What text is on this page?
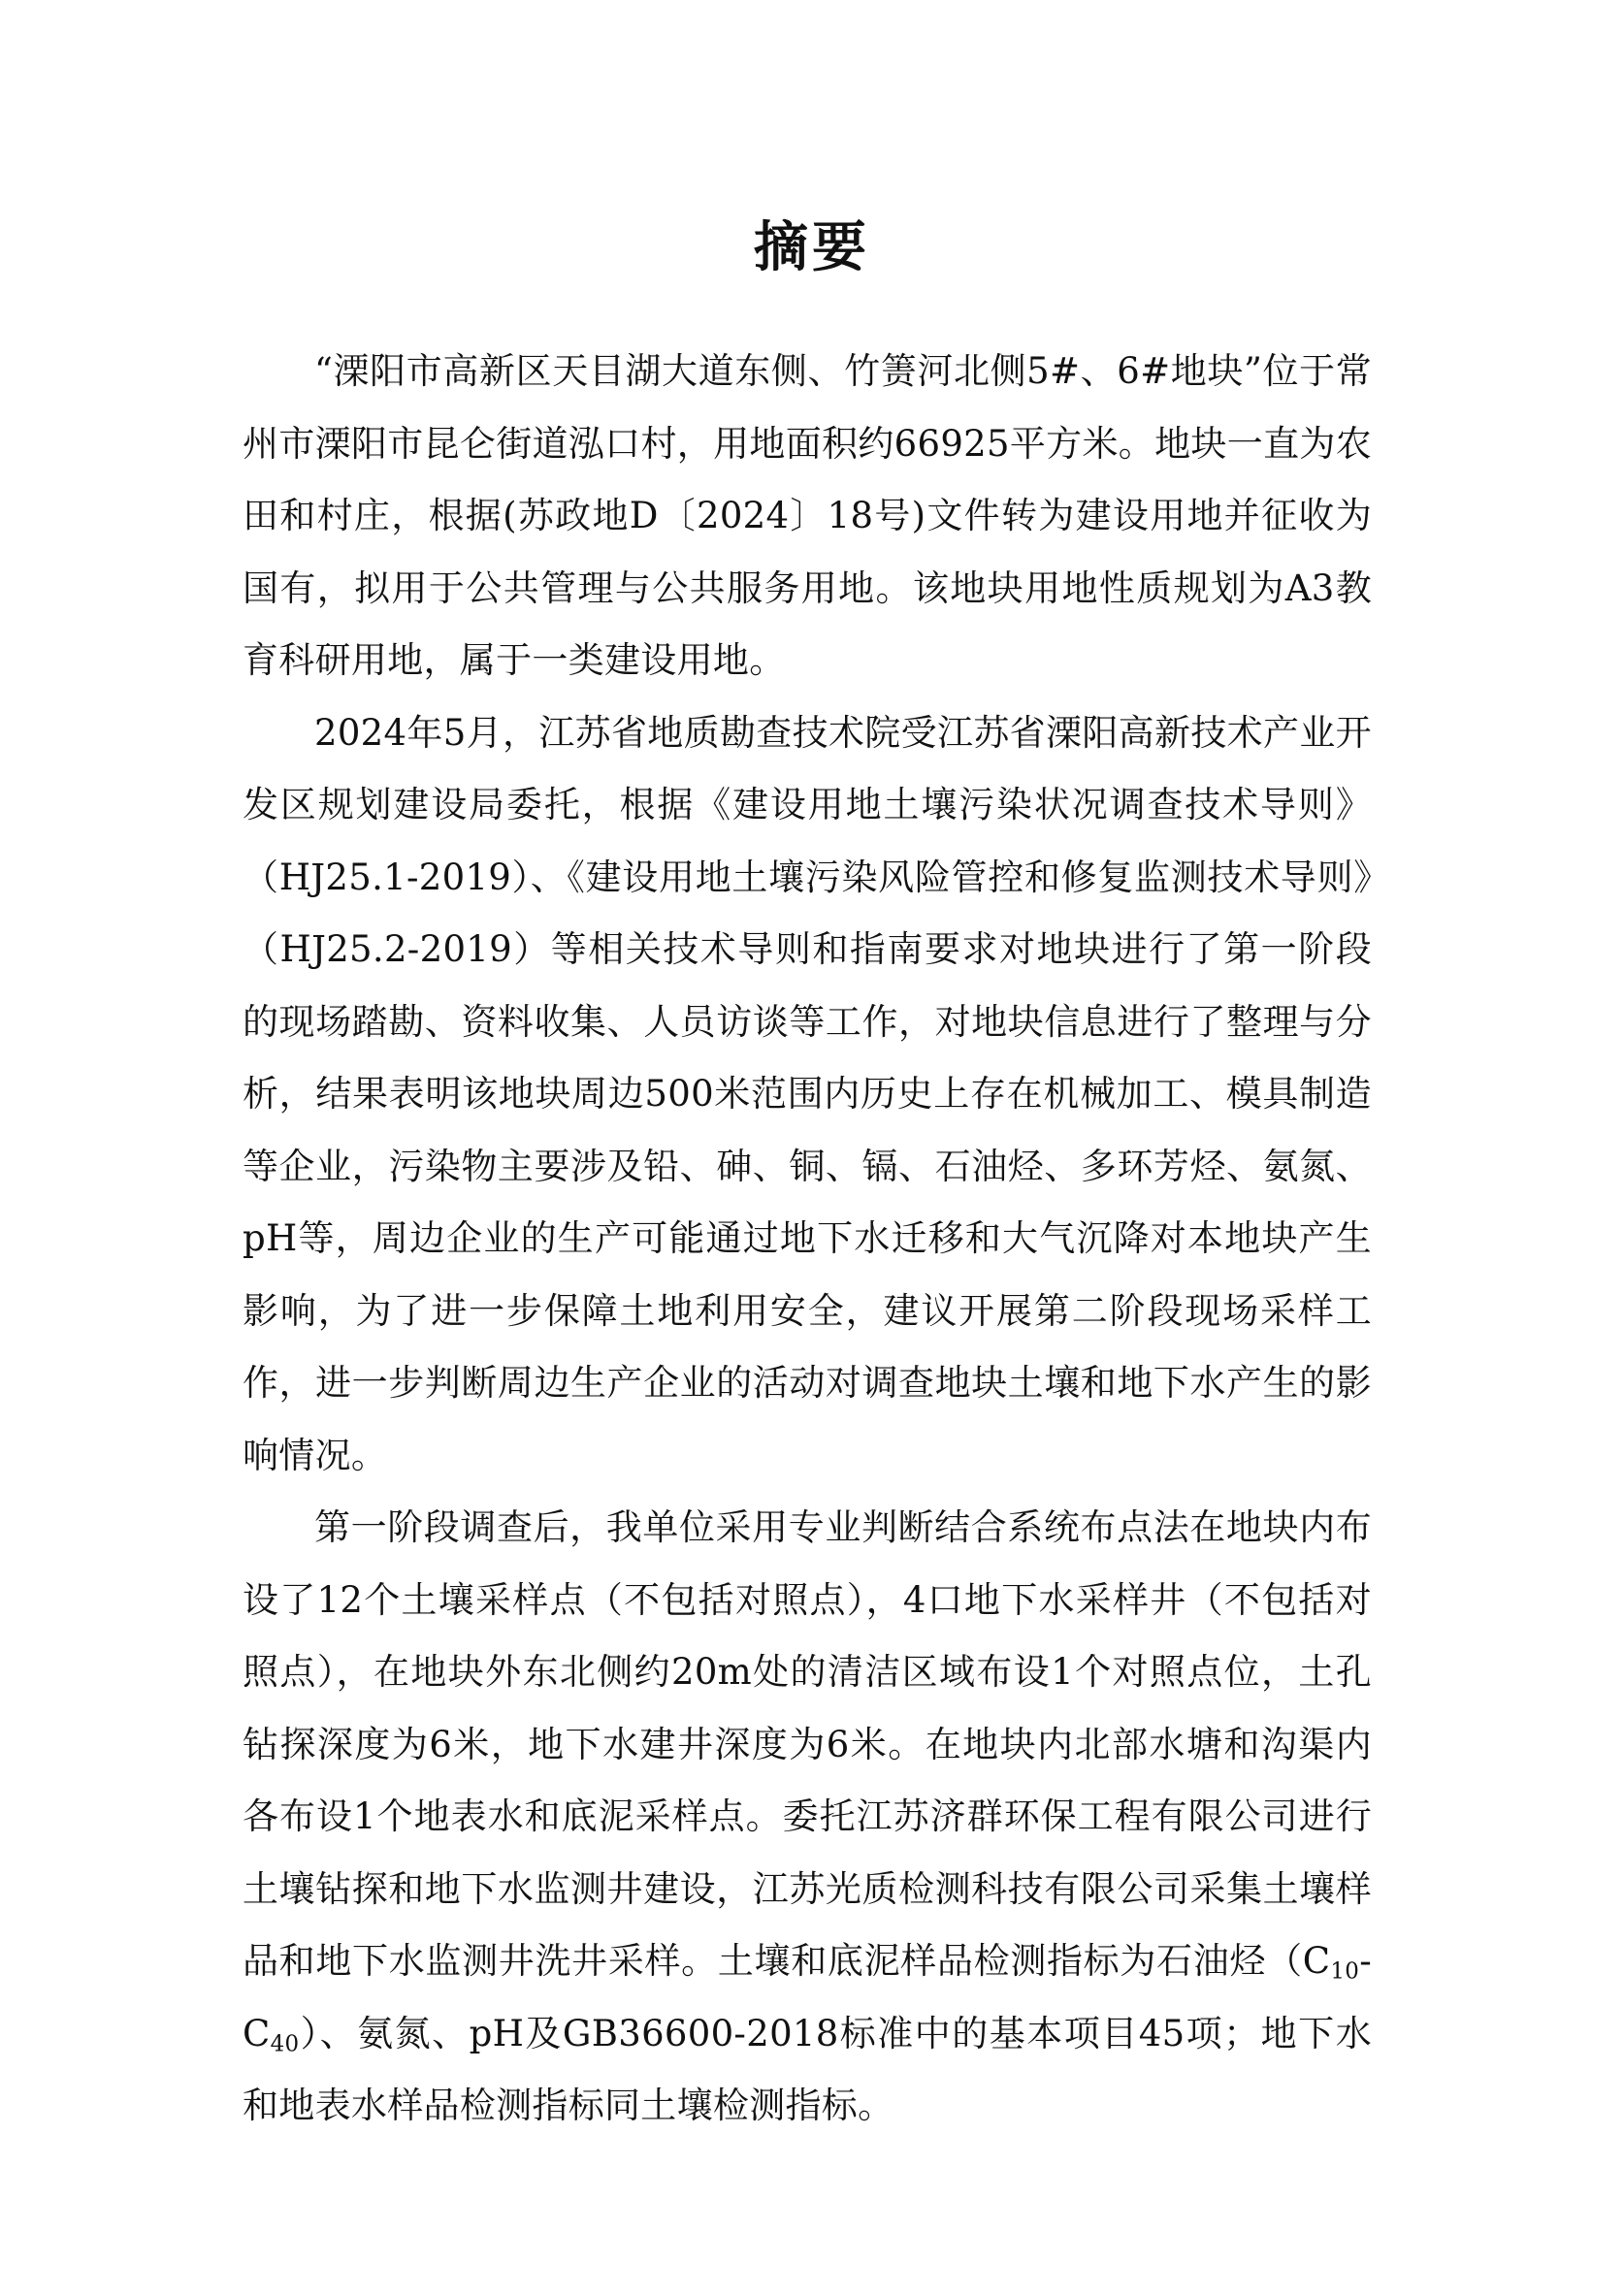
摘要

“溧阳市高新区天目湖大道东侧、竹箦河北侧5#、6#地块”位于常州市溧阳市昆仑街道泓口村，用地面积约66925平方米。地块一直为农田和村庄，根据(苏政地D〔2024〕18号)文件转为建设用地并征收为国有，拟用于公共管理与公共服务用地。该地块用地性质规划为A3教育科研用地，属于一类建设用地。

2024年5月，江苏省地质勘查技术院受江苏省溧阳高新技术产业开发区规划建设局委托，根据《建设用地土壤污染状况调查技术导则》（HJ25.1-2019）、《建设用地土壤污染风险管控和修复监测技术导则》（HJ25.2-2019）等相关技术导则和指南要求对地块进行了第一阶段的现场踏勘、资料收集、人员访谈等工作，对地块信息进行了整理与分析，结果表明该地块周边500米范围内历史上存在机械加工、模具制造等企业，污染物主要涉及铅、砷、铜、镉、石油烃、多环芳烃、氨氮、pH等，周边企业的生产可能通过地下水迁移和大气沉降对本地块产生影响，为了进一步保障土地利用安全，建议开展第二阶段现场采样工作，进一步判断周边生产企业的活动对调查地块土壤和地下水产生的影响情况。

第一阶段调查后，我单位采用专业判断结合系统布点法在地块内布设了12个土壤采样点（不包括对照点），4口地下水采样井（不包括对照点），在地块外东北侧约20m处的清洁区域布设1个对照点位，土孔钻探深度为6米，地下水建井深度为6米。在地块内北部水塘和沟渠内各布设1个地表水和底泥采样点。委托江苏济群环保工程有限公司进行土壤钻探和地下水监测井建设，江苏光质检测科技有限公司采集土壤样品和地下水监测井洗井采样。土壤和底泥样品检测指标为石油烃$(C_{10}-C_{40})$、氨氮、pH及GB36600-2018标准中的基本项目45项；地下水和地表水样品检测指标同土壤检测指标。
